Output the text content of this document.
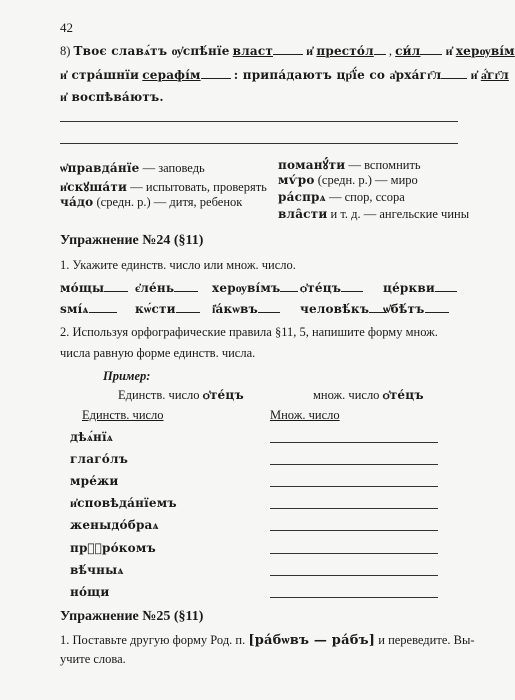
42
8) Твоє славѧ́тъ ѹ҆спѣ́нїе власт	и҆ престо́л , си́л и҆ херѹві́м
и҆ стра́шнїи серафі́м	: припа́даютъ цр҃ї́е со а҆рха́гг҃л и҆ а҆́гг҃л
и҆ воспѣва́ютъ.
ѡ҆правда́нїе — заповедь
и҆скꙋша́ти — испытовать, проверять
ча́до (средн. р.) — дитя, ребенок
поманꙋ́ти — вспомнить
мѵ́ро (средн. р.) — миро
ра́спрѧ — спор, ссора
вла̑сти и т. д. — ангельские чины
Упражнение №24 (§11)
1. Укажите единств. число или множ. число.
мо́щы	є҆ле́нь	херѹві́мъ	ѻ҆те́цъ	це́ркви
ѕмі́ѧ	кѡ́сти	і҆а́кѡвъ	человѣ́къ	ѡ҆бѣ́тъ
2. Используя орфографические правила §11, 5, напишите форму множ.
числа равную форме единств. числа.
Пример:
Единств. число ѻ҆те́цъ	множ. число ѻ҆те́цъ
Единств. число	Множ. число
дѣѧ́нїѧ
глаго́лъ
мре́жи
и҆сповѣда́нїемъ
женыдо́браѧ
прⷪ҇ро́комъ
вѣ́чныѧ
но́щи
Упражнение №25 (§11)
1. Поставьте другую форму Род. п. [ра́бѡвъ — ра́бъ] и переведите. Вы-
учите слова.
